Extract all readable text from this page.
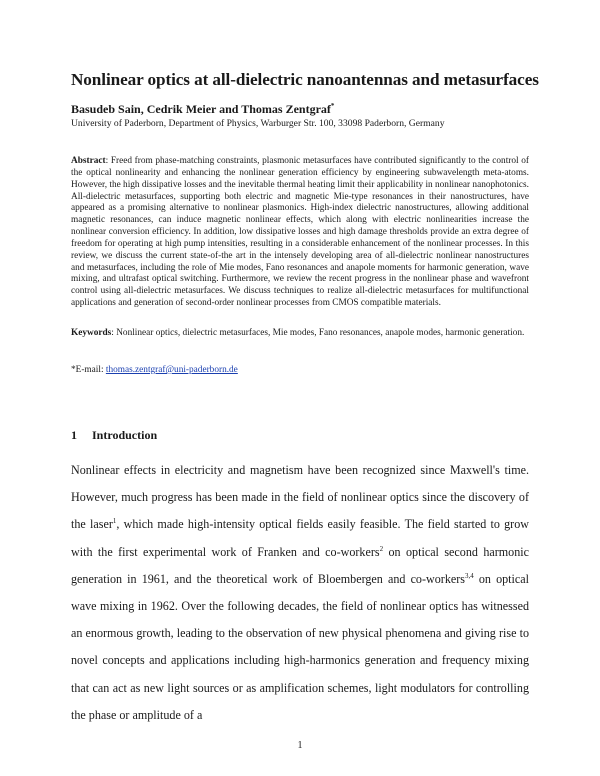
Nonlinear optics at all-dielectric nanoantennas and metasurfaces
Basudeb Sain, Cedrik Meier and Thomas Zentgraf*
University of Paderborn, Department of Physics, Warburger Str. 100, 33098 Paderborn, Germany

Abstract: Freed from phase-matching constraints, plasmonic metasurfaces have contributed significantly to the control of the optical nonlinearity and enhancing the nonlinear generation efficiency by engineering subwavelength meta-atoms. However, the high dissipative losses and the inevitable thermal heating limit their applicability in nonlinear nanophotonics. All-dielectric metasurfaces, supporting both electric and magnetic Mie-type resonances in their nanostructures, have appeared as a promising alternative to nonlinear plasmonics. High-index dielectric nanostructures, allowing additional magnetic resonances, can induce magnetic nonlinear effects, which along with electric nonlinearities increase the nonlinear conversion efficiency. In addition, low dissipative losses and high damage thresholds provide an extra degree of freedom for operating at high pump intensities, resulting in a considerable enhancement of the nonlinear processes. In this review, we discuss the current state-of-the art in the intensely developing area of all-dielectric nonlinear nanostructures and metasurfaces, including the role of Mie modes, Fano resonances and anapole moments for harmonic generation, wave mixing, and ultrafast optical switching. Furthermore, we review the recent progress in the nonlinear phase and wavefront control using all-dielectric metasurfaces. We discuss techniques to realize all-dielectric metasurfaces for multifunctional applications and generation of second-order nonlinear processes from CMOS compatible materials.

Keywords: Nonlinear optics, dielectric metasurfaces, Mie modes, Fano resonances, anapole modes, harmonic generation.

*E-mail: thomas.zentgraf@uni-paderborn.de
1 Introduction

Nonlinear effects in electricity and magnetism have been recognized since Maxwell's time. However, much progress has been made in the field of nonlinear optics since the discovery of the laser$^1$, which made high-intensity optical fields easily feasible. The field started to grow with the first experimental work of Franken and co-workers$^2$ on optical second harmonic generation in 1961, and the theoretical work of Bloembergen and co-workers$^{3,4}$ on optical wave mixing in 1962. Over the following decades, the field of nonlinear optics has witnessed an enormous growth, leading to the observation of new physical phenomena and giving rise to novel concepts and applications including high-harmonics generation and frequency mixing that can act as new light sources or as amplification schemes, light modulators for controlling the phase or amplitude of a

1
